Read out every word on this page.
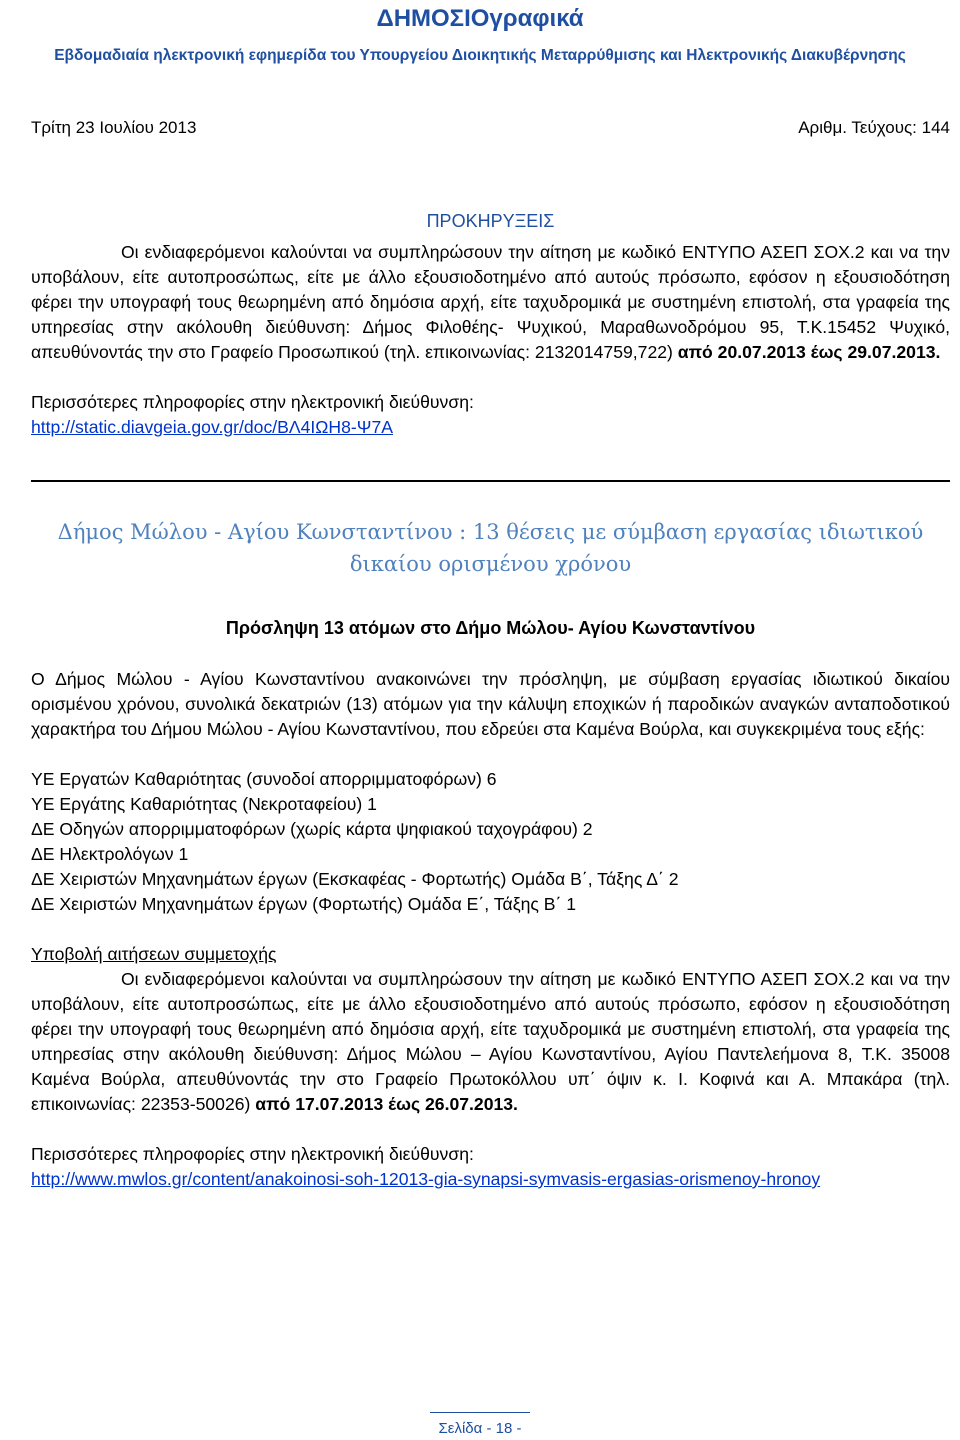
ΔΗΜΟΣΙΟγραφικά
Εβδομαδιαία ηλεκτρονική εφημερίδα του Υπουργείου Διοικητικής Μεταρρύθμισης και Ηλεκτρονικής Διακυβέρνησης
Τρίτη 23 Ιουλίου 2013	Αριθμ. Τεύχους: 144
ΠΡΟΚΗΡΥΞΕΙΣ

Οι ενδιαφερόμενοι καλούνται να συμπληρώσουν την αίτηση με κωδικό ΕΝΤΥΠΟ ΑΣΕΠ ΣΟΧ.2 και να την υποβάλουν, είτε αυτοπροσώπως, είτε με άλλο εξουσιοδοτημένο από αυτούς πρόσωπο, εφόσον η εξουσιοδότηση φέρει την υπογραφή τους θεωρημένη από δημόσια αρχή, είτε ταχυδρομικά με συστημένη επιστολή, στα γραφεία της υπηρεσίας στην ακόλουθη διεύθυνση: Δήμος Φιλοθέης- Ψυχικού, Μαραθωνοδρόμου 95, Τ.Κ.15452 Ψυχικό, απευθύνοντάς την στο Γραφείο Προσωπικού (τηλ. επικοινωνίας: 2132014759,722) από 20.07.2013 έως 29.07.2013.

Περισσότερες πληροφορίες στην ηλεκτρονική διεύθυνση:

http://static.diavgeia.gov.gr/doc/ΒΛ4ΙΩΗ8-Ψ7Α

Δήμος Μώλου - Αγίου Κωνσταντίνου : 13 θέσεις με σύμβαση εργασίας ιδιωτικού δικαίου ορισμένου χρόνου
Πρόσληψη 13 ατόμων στο Δήμο Μώλου- Αγίου Κωνσταντίνου

Ο Δήμος Μώλου - Αγίου Κωνσταντίνου ανακοινώνει την πρόσληψη, με σύμβαση εργασίας ιδιωτικού δικαίου ορισμένου χρόνου, συνολικά δεκατριών (13) ατόμων για την κάλυψη εποχικών ή παροδικών αναγκών ανταποδοτικού χαρακτήρα του Δήμου Μώλου - Αγίου Κωνσταντίνου, που εδρεύει στα Καμένα Βούρλα, και συγκεκριμένα τους εξής:

ΥΕ Εργατών Καθαριότητας (συνοδοί απορριμματοφόρων) 6

ΥΕ Εργάτης Καθαριότητας (Νεκροταφείου) 1

ΔΕ Οδηγών απορριμματοφόρων (χωρίς κάρτα ψηφιακού ταχογράφου) 2

ΔΕ Ηλεκτρολόγων 1

ΔΕ Χειριστών Μηχανημάτων έργων (Εκσκαφέας - Φορτωτής) Ομάδα Β΄, Τάξης Δ΄ 2

ΔΕ Χειριστών Μηχανημάτων έργων (Φορτωτής) Ομάδα Ε΄, Τάξης Β΄ 1

Υποβολή αιτήσεων συμμετοχής

Οι ενδιαφερόμενοι καλούνται να συμπληρώσουν την αίτηση με κωδικό ΕΝΤΥΠΟ ΑΣΕΠ ΣΟΧ.2 και να την υποβάλουν, είτε αυτοπροσώπως, είτε με άλλο εξουσιοδοτημένο από αυτούς πρόσωπο, εφόσον η εξουσιοδότηση φέρει την υπογραφή τους θεωρημένη από δημόσια αρχή, είτε ταχυδρομικά με συστημένη επιστολή, στα γραφεία της υπηρεσίας στην ακόλουθη διεύθυνση: Δήμος Μώλου – Αγίου Κωνσταντίνου, Αγίου Παντελεήμονα 8, Τ.Κ. 35008 Καμένα Βούρλα, απευθύνοντάς την στο Γραφείο Πρωτοκόλλου υπ΄ όψιν κ. Ι. Κοφινά και Α. Μπακάρα (τηλ. επικοινωνίας: 22353-50026) από 17.07.2013 έως 26.07.2013.

Περισσότερες πληροφορίες στην ηλεκτρονική διεύθυνση:

http://www.mwlos.gr/content/anakoinosi-soh-12013-gia-synapsi-symvasis-ergasias-orismenoy-hronoy

Σελίδα - 18 -
